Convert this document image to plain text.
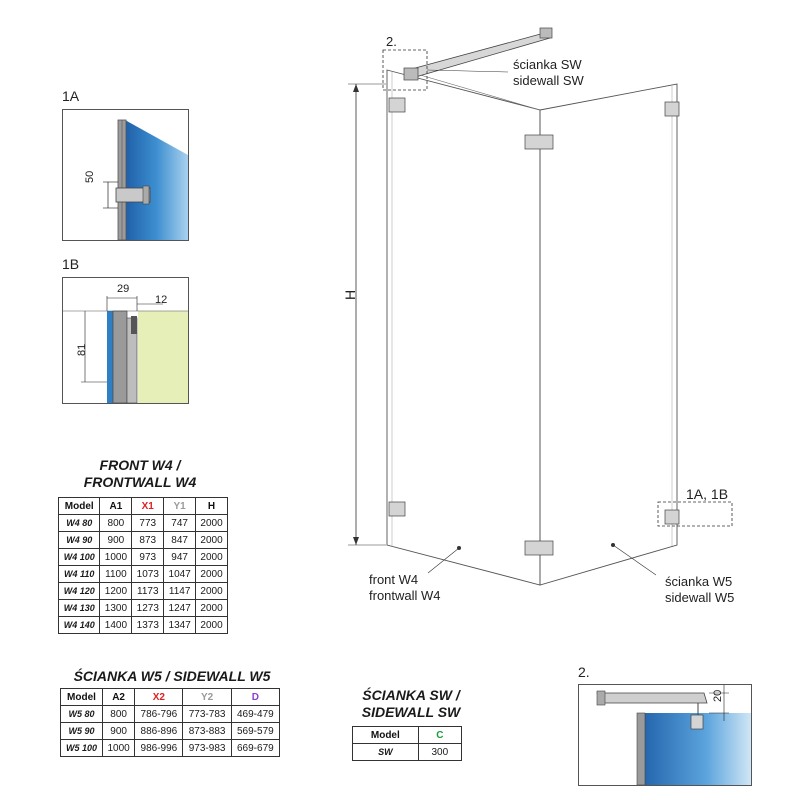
1A
50
1B
29
12
81
2.
ścianka SW
sidewall SW
H
1A, 1B
front W4
frontwall W4
ścianka W5
sidewall W5
2.
20
FRONT W4 /
FRONTWALL W4
Model	A1	X1	Y1	H
W4 80	800	773	747	2000
W4 90	900	873	847	2000
W4 100	1000	973	947	2000
W4 110	1100	1073	1047	2000
W4 120	1200	1173	1147	2000
W4 130	1300	1273	1247	2000
W4 140	1400	1373	1347	2000
ŚCIANKA W5 / SIDEWALL W5
Model	A2	X2	Y2	D
W5 80	800	786-796	773-783	469-479
W5 90	900	886-896	873-883	569-579
W5 100	1000	986-996	973-983	669-679
ŚCIANKA SW /
SIDEWALL SW
Model	C
SW	300
